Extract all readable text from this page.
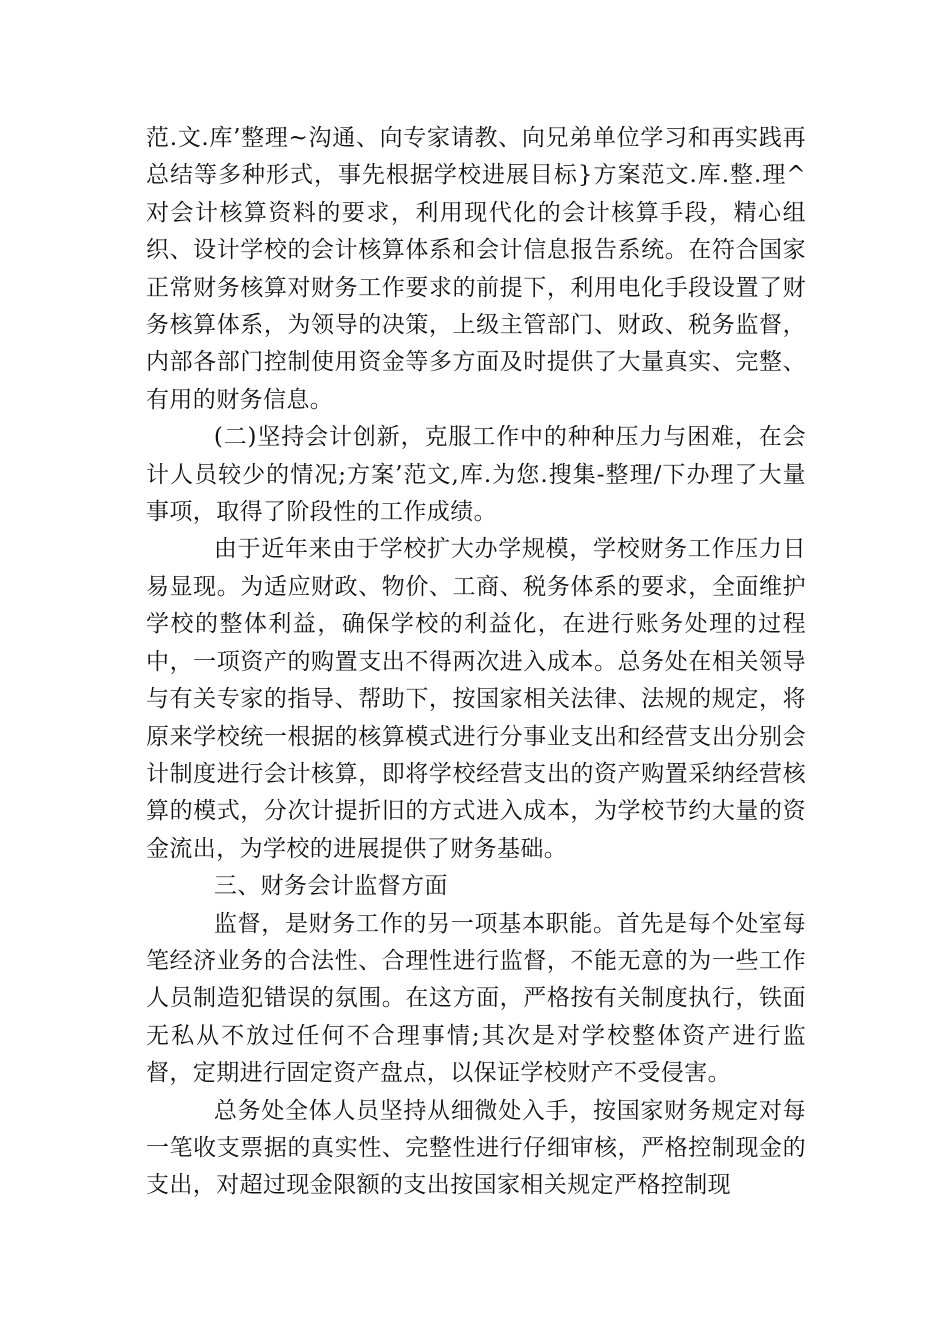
范.文.库’整理~沟通、向专家请教、向兄弟单位学习和再实践再总结等多种形式，事先根据学校进展目标}方案范文.库.整.理^对会计核算资料的要求，利用现代化的会计核算手段，精心组织、设计学校的会计核算体系和会计信息报告系统。在符合国家正常财务核算对财务工作要求的前提下，利用电化手段设置了财务核算体系，为领导的决策，上级主管部门、财政、税务监督，内部各部门控制使用资金等多方面及时提供了大量真实、完整、有用的财务信息。

(二)坚持会计创新，克服工作中的种种压力与困难，在会计人员较少的情况;方案’范文,库.为您.搜集-整理/下办理了大量事项，取得了阶段性的工作成绩。

由于近年来由于学校扩大办学规模，学校财务工作压力日易显现。为适应财政、物价、工商、税务体系的要求，全面维护学校的整体利益，确保学校的利益化，在进行账务处理的过程中，一项资产的购置支出不得两次进入成本。总务处在相关领导与有关专家的指导、帮助下，按国家相关法律、法规的规定，将原来学校统一根据的核算模式进行分事业支出和经营支出分别会计制度进行会计核算，即将学校经营支出的资产购置采纳经营核算的模式，分次计提折旧的方式进入成本，为学校节约大量的资金流出，为学校的进展提供了财务基础。

三、财务会计监督方面

监督，是财务工作的另一项基本职能。首先是每个处室每笔经济业务的合法性、合理性进行监督，不能无意的为一些工作人员制造犯错误的氛围。在这方面，严格按有关制度执行，铁面无私从不放过任何不合理事情;其次是对学校整体资产进行监督，定期进行固定资产盘点，以保证学校财产不受侵害。

总务处全体人员坚持从细微处入手，按国家财务规定对每一笔收支票据的真实性、完整性进行仔细审核，严格控制现金的支出，对超过现金限额的支出按国家相关规定严格控制现
